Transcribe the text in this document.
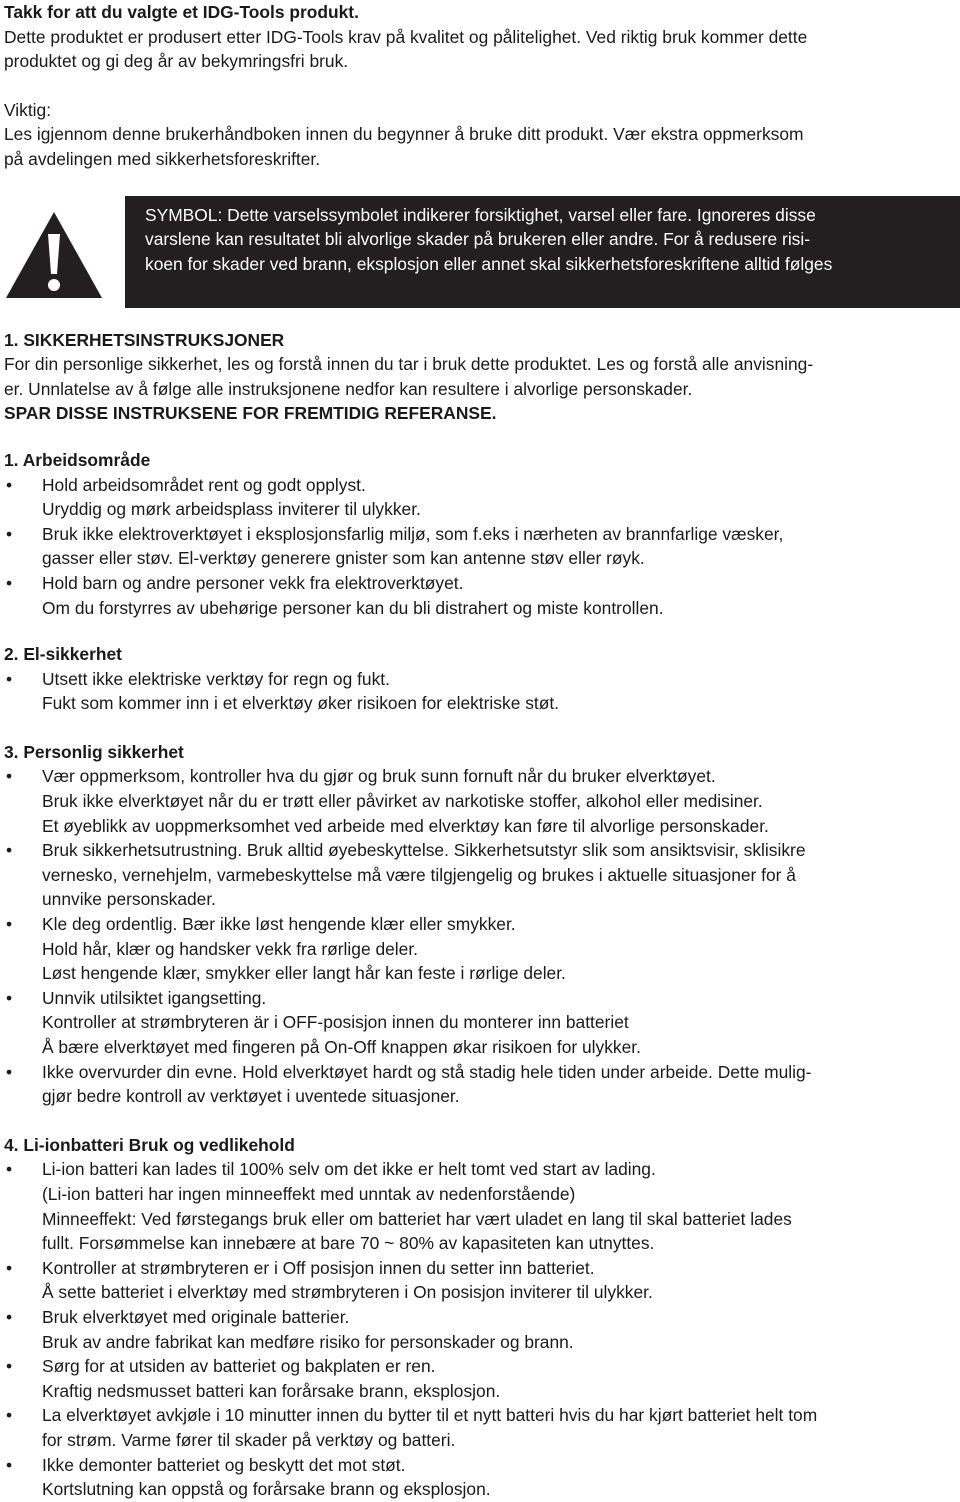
Takk for att du valgte et IDG-Tools produkt.
Dette produktet er produsert etter IDG-Tools krav på kvalitet og pålitelighet. Ved riktig bruk kommer dette
produktet og gi deg år av bekymringsfri bruk.
Viktig:
Les igjennom denne brukerhåndboken innen du begynner å bruke ditt produkt. Vær ekstra oppmerksom
på avdelingen med sikkerhetsforeskrifter.
SYMBOL: Dette varselssymbolet indikerer forsiktighet, varsel eller fare. Ignoreres disse
varslene kan resultatet bli alvorlige skader på brukeren eller andre. For å redusere risi-
koen for skader ved brann, eksplosjon eller annet skal sikkerhetsforeskriftene alltid følges
1. SIKKERHETSINSTRUKSJONER
For din personlige sikkerhet, les og forstå innen du tar i bruk dette produktet. Les og forstå alle anvisning-
er. Unnlatelse av å følge alle instruksjonene nedfor kan resultere i alvorlige personskader.
SPAR DISSE INSTRUKSENE FOR FREMTIDIG REFERANSE.
1. Arbeidsområde
• Hold arbeidsområdet rent og godt opplyst.
Uryddig og mørk arbeidsplass inviterer til ulykker.
• Bruk ikke elektroverktøyet i eksplosjonsfarlig miljø, som f.eks i nærheten av brannfarlige væsker,
gasser eller støv. El-verktøy generere gnister som kan antenne støv eller røyk.
• Hold barn og andre personer vekk fra elektroverktøyet.
Om du forstyrres av ubehørige personer kan du bli distrahert og miste kontrollen.
2. El-sikkerhet
• Utsett ikke elektriske verktøy for regn og fukt.
Fukt som kommer inn i et elverktøy øker risikoen for elektriske støt.
3. Personlig sikkerhet
• Vær oppmerksom, kontroller hva du gjør og bruk sunn fornuft når du bruker elverktøyet.
Bruk ikke elverktøyet når du er trøtt eller påvirket av narkotiske stoffer, alkohol eller medisiner.
Et øyeblikk av uoppmerksomhet ved arbeide med elverktøy kan føre til alvorlige personskader.
• Bruk sikkerhetsutrustning. Bruk alltid øyebeskyttelse. Sikkerhetsutstyr slik som ansiktsvisir, sklisikre
vernesko, vernehjelm, varmebeskyttelse må være tilgjengelig og brukes i aktuelle situasjoner for å
unnvike personskader.
• Kle deg ordentlig. Bær ikke løst hengende klær eller smykker.
Hold hår, klær og handsker vekk fra rørlige deler.
Løst hengende klær, smykker eller langt hår kan feste i rørlige deler.
• Unnvik utilsiktet igangsetting.
Kontroller at strømbryteren är i OFF-posisjon innen du monterer inn batteriet
Å bære elverktøyet med fingeren på On-Off knappen økar risikoen for ulykker.
• Ikke overvurder din evne. Hold elverktøyet hardt og stå stadig hele tiden under arbeide. Dette mulig-
gjør bedre kontroll av verktøyet i uventede situasjoner.
4. Li-ionbatteri Bruk og vedlikehold
• Li-ion batteri kan lades til 100% selv om det ikke er helt tomt ved start av lading.
(Li-ion batteri har ingen minneeffekt med unntak av nedenforstående)
Minneeffekt: Ved førstegangs bruk eller om batteriet har vært uladet en lang til skal batteriet lades
fullt. Forsømmelse kan innebære at bare 70 ~ 80% av kapasiteten kan utnyttes.
• Kontroller at strømbryteren er i Off posisjon innen du setter inn batteriet.
Å sette batteriet i elverktøy med strømbryteren i On posisjon inviterer til ulykker.
• Bruk elverktøyet med originale batterier.
Bruk av andre fabrikat kan medføre risiko for personskader og brann.
• Sørg for at utsiden av batteriet og bakplaten er ren.
Kraftig nedsmusset batteri kan forårsake brann, eksplosjon.
• La elverktøyet avkjøle i 10 minutter innen du bytter til et nytt batteri hvis du har kjørt batteriet helt tom
for strøm. Varme fører til skader på verktøy og batteri.
• Ikke demonter batteriet og beskytt det mot støt.
Kortslutning kan oppstå og forårsake brann og eksplosjon.
